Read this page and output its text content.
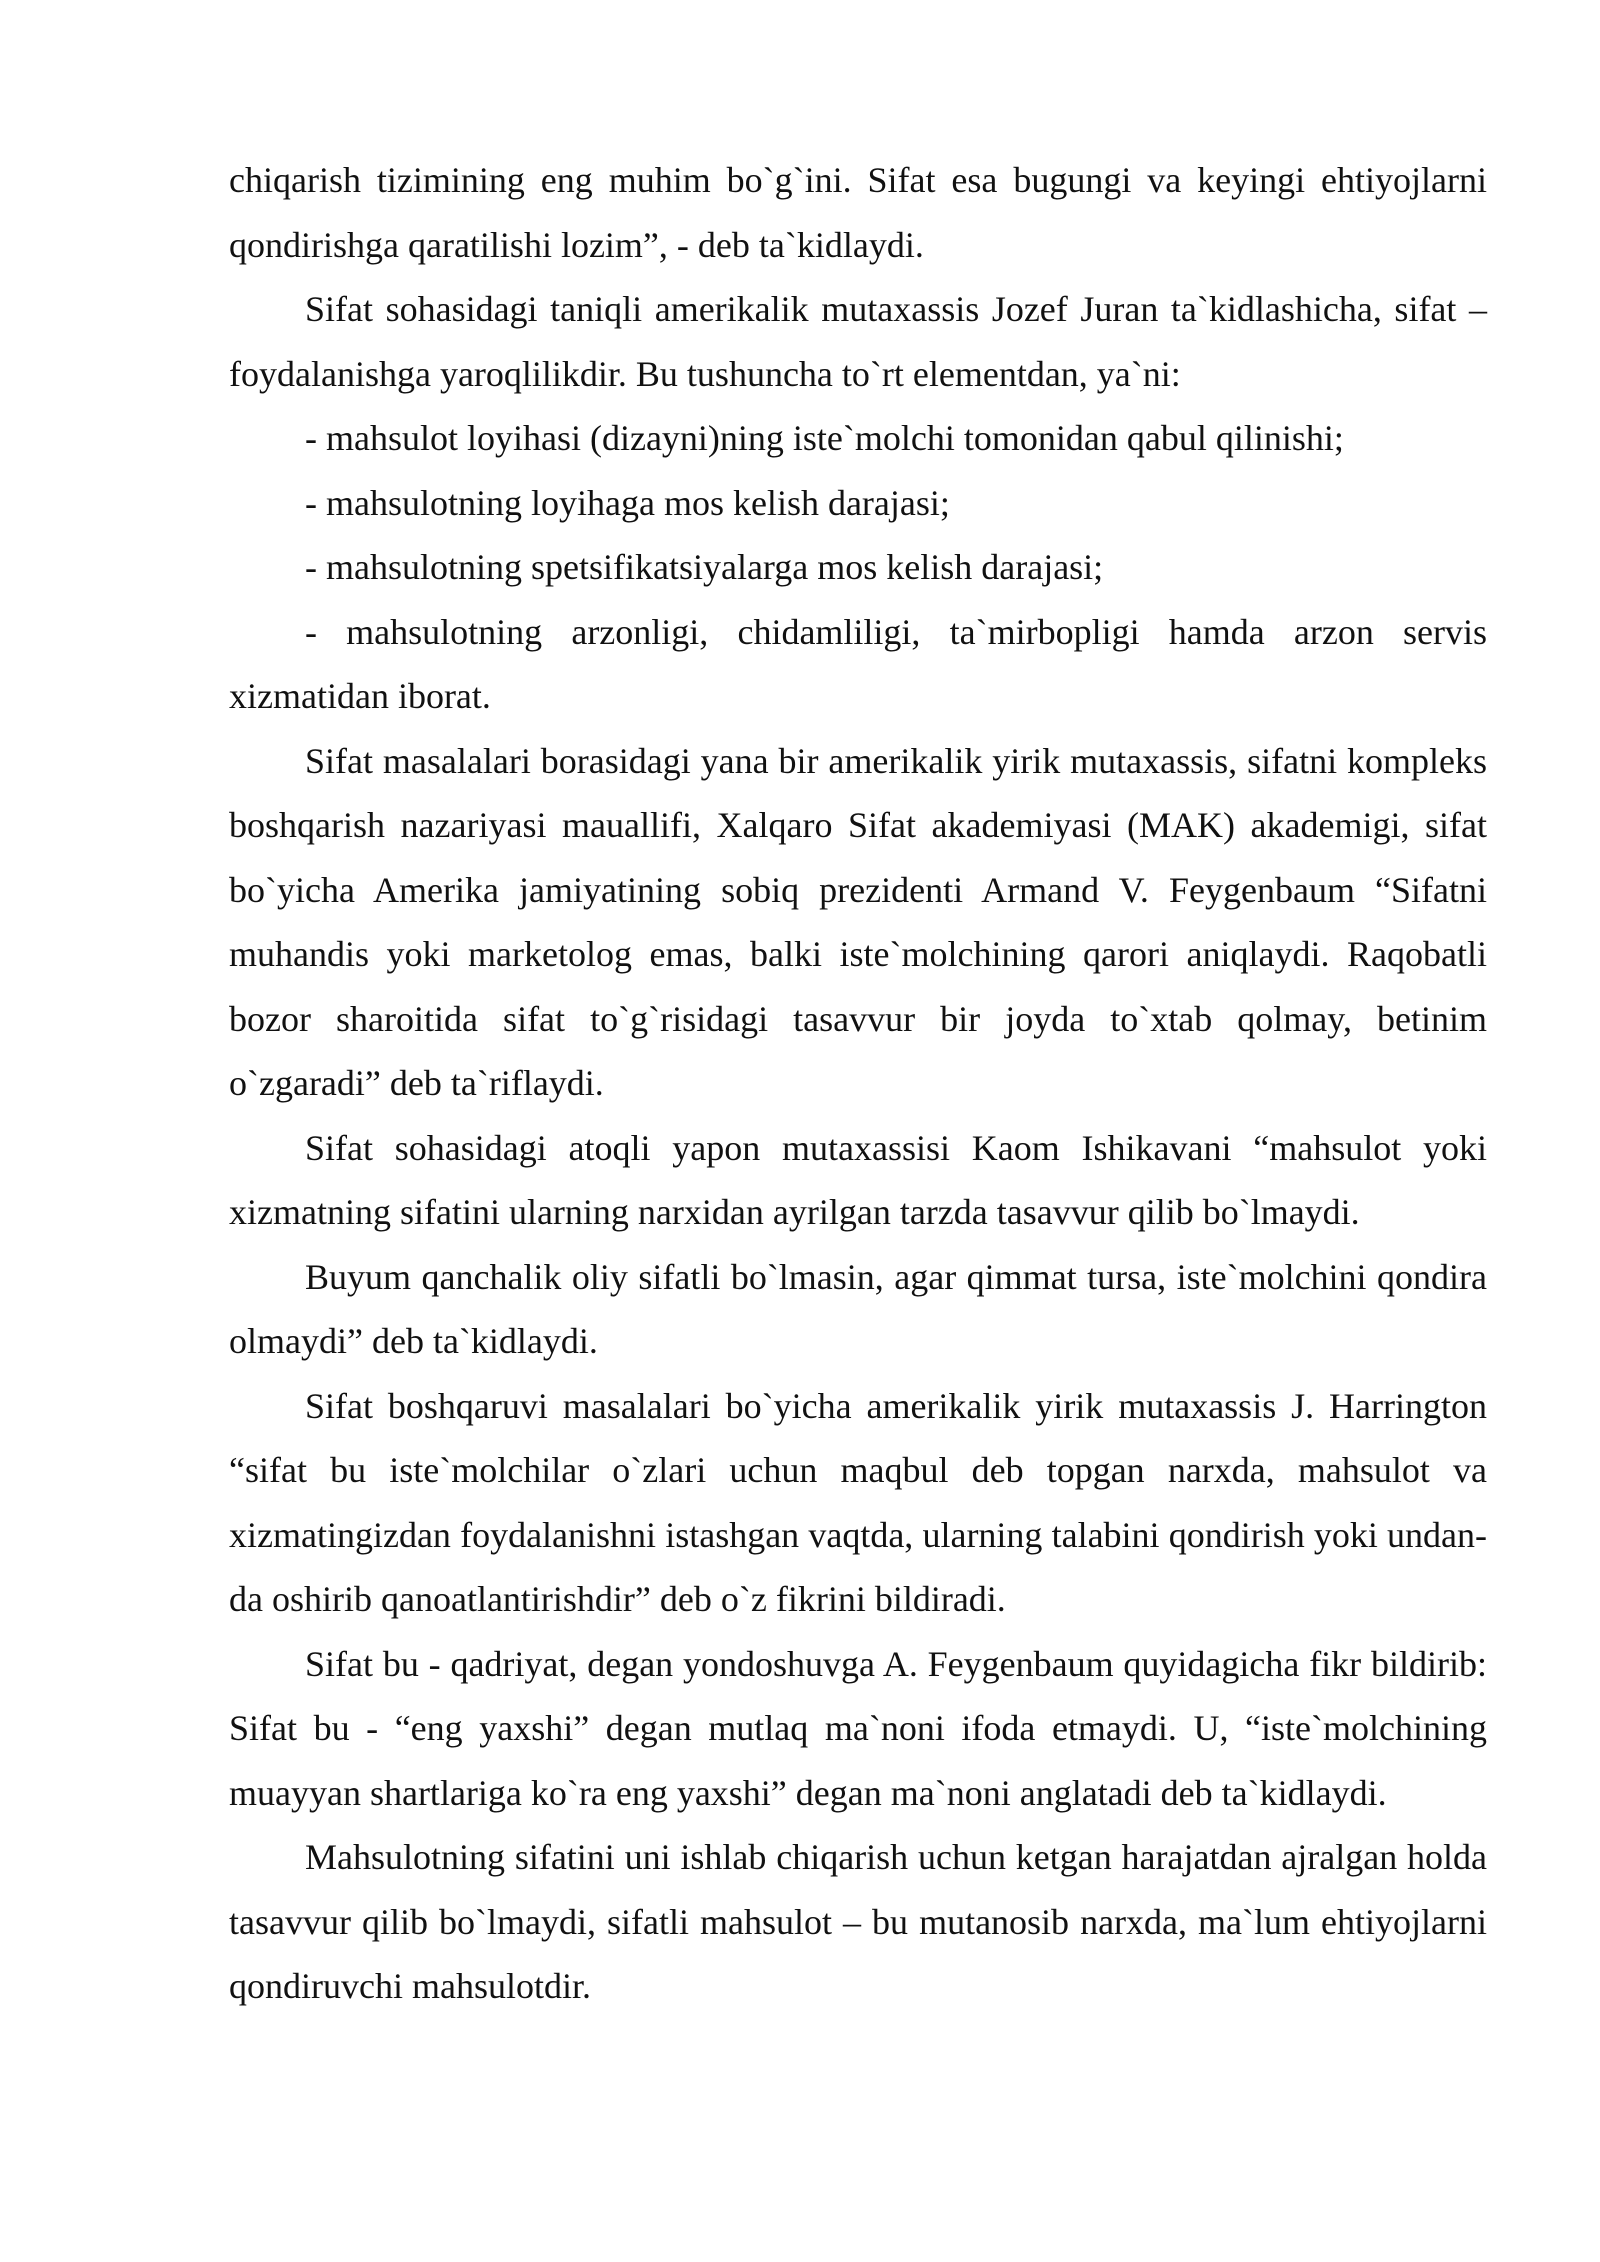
chiqarish tizimining eng muhim bo`g`ini. Sifat esa bugungi va keyingi ehtiyojlarni qondirishga qaratilishi lozim”, - deb ta`kidlaydi.

Sifat sohasidagi taniqli amerikalik mutaxassis Jozef Juran ta`kidlashicha, sifat – foydalanishga yaroqlilikdir. Bu tushuncha to`rt elementdan, ya`ni:

- mahsulot loyihasi (dizayni)ning iste`molchi tomonidan qabul qilinishi;

- mahsulotning loyihaga mos kelish darajasi;

- mahsulotning spetsifikatsiyalarga mos kelish darajasi;

- mahsulotning arzonligi, chidamliligi, ta`mirbopligi hamda arzon servis xizmatidan iborat.

Sifat masalalari borasidagi yana bir amerikalik yirik mutaxassis, sifatni kompleks boshqarish nazariyasi mauallifi, Xalqaro Sifat akademiyasi (MAK) akademigi, sifat bo`yicha Amerika jamiyatining sobiq prezidenti Armand V. Feygenbaum “Sifatni muhandis yoki marketolog emas, balki iste`molchining qarori aniqlaydi. Raqobatli bozor sharoitida sifat to`g`risidagi tasavvur bir joyda to`xtab qolmay, betinim o`zgaradi” deb ta`riflaydi.

Sifat sohasidagi atoqli yapon mutaxassisi Kaom Ishikavani “mahsulot yoki xizmatning sifatini ularning narxidan ayrilgan tarzda tasavvur qilib bo`lmaydi.

Buyum qanchalik oliy sifatli bo`lmasin, agar qimmat tursa, iste`molchini qondira olmaydi” deb ta`kidlaydi.

Sifat boshqaruvi masalalari bo`yicha amerikalik yirik mutaxassis J. Harrington “sifat bu iste`molchilar o`zlari uchun maqbul deb topgan narxda, mahsulot va xizmatingizdan foydalanishni istashgan vaqtda, ularning talabini qondirish yoki undan-da oshirib qanoatlantirishdir” deb o`z fikrini bildiradi.

Sifat bu - qadriyat, degan yondoshuvga A. Feygenbaum quyidagicha fikr bildirib: Sifat bu - “eng yaxshi” degan mutlaq ma`noni ifoda etmaydi. U, “iste`molchining muayyan shartlariga ko`ra eng yaxshi” degan ma`noni anglatadi deb ta`kidlaydi.

Mahsulotning sifatini uni ishlab chiqarish uchun ketgan harajatdan ajralgan holda tasavvur qilib bo`lmaydi, sifatli mahsulot – bu mutanosib narxda, ma`lum ehtiyojlarni qondiruvchi mahsulotdir.
